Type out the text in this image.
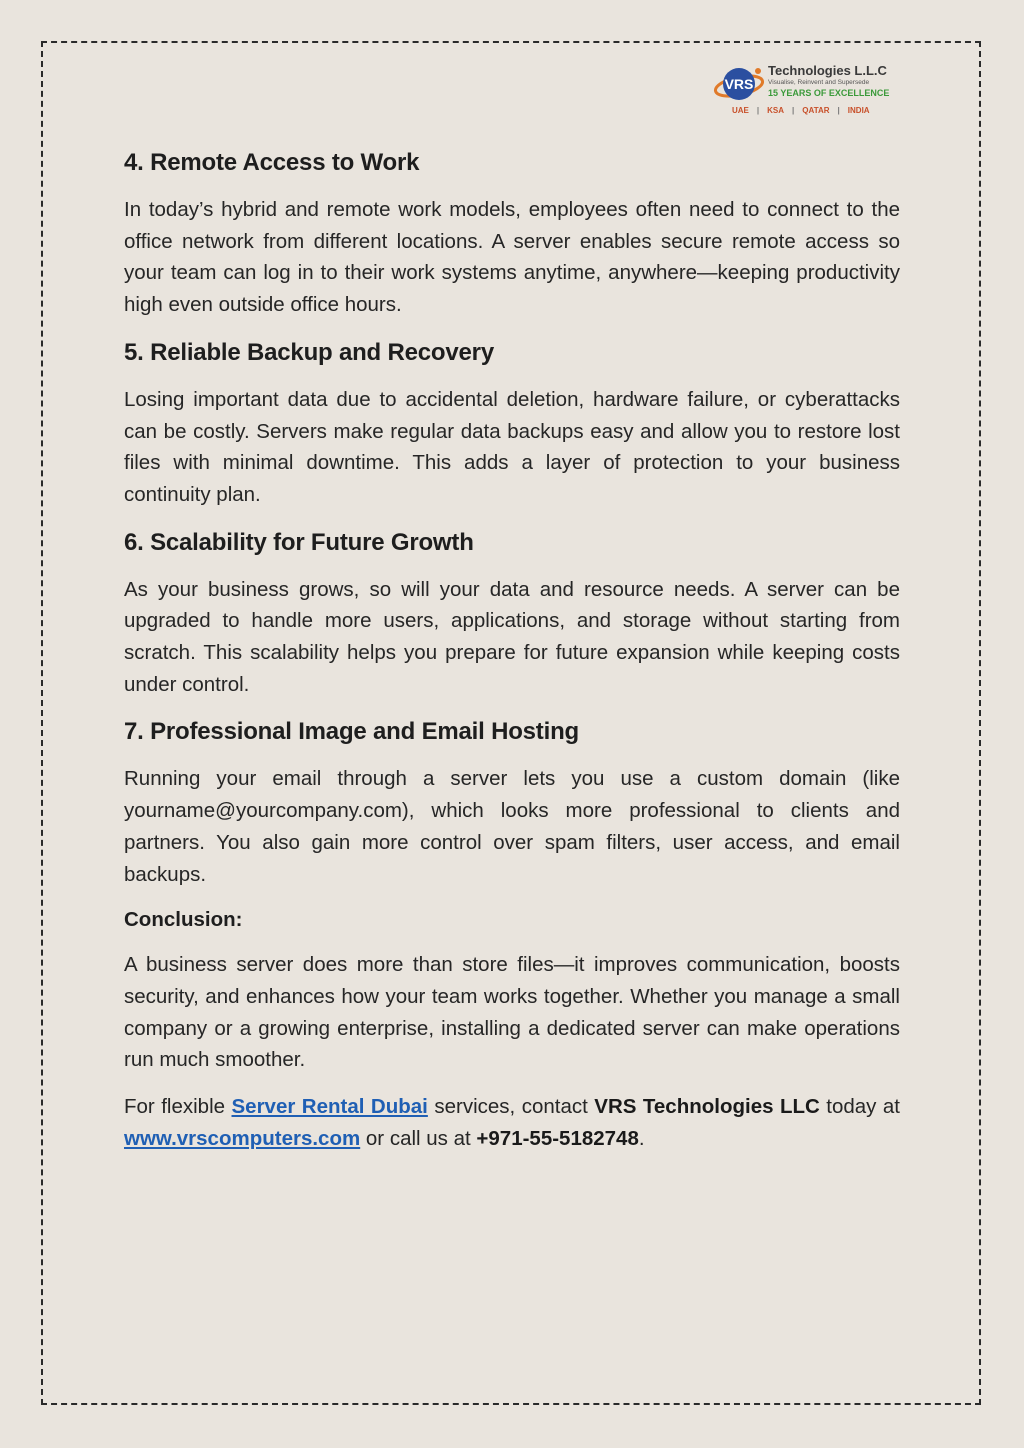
VRS
Technologies L.L.C
Visualise, Reinvent and Supersede
15 YEARS OF EXCELLENCE
UAE | KSA | QATAR | INDIA
4. Remote Access to Work

In today’s hybrid and remote work models, employees often need to connect to the office network from different locations. A server enables secure remote access so your team can log in to their work systems anytime, anywhere—keeping productivity high even outside office hours.

5. Reliable Backup and Recovery

Losing important data due to accidental deletion, hardware failure, or cyberattacks can be costly. Servers make regular data backups easy and allow you to restore lost files with minimal downtime. This adds a layer of protection to your business continuity plan.

6. Scalability for Future Growth

As your business grows, so will your data and resource needs. A server can be upgraded to handle more users, applications, and storage without starting from scratch. This scalability helps you prepare for future expansion while keeping costs under control.

7. Professional Image and Email Hosting

Running your email through a server lets you use a custom domain (like yourname@yourcompany.com), which looks more professional to clients and partners. You also gain more control over spam filters, user access, and email backups.

Conclusion:

A business server does more than store files—it improves communication, boosts security, and enhances how your team works together. Whether you manage a small company or a growing enterprise, installing a dedicated server can make operations run much smoother.

For flexible Server Rental Dubai services, contact VRS Technologies LLC today at www.vrscomputers.com or call us at +971-55-5182748.
